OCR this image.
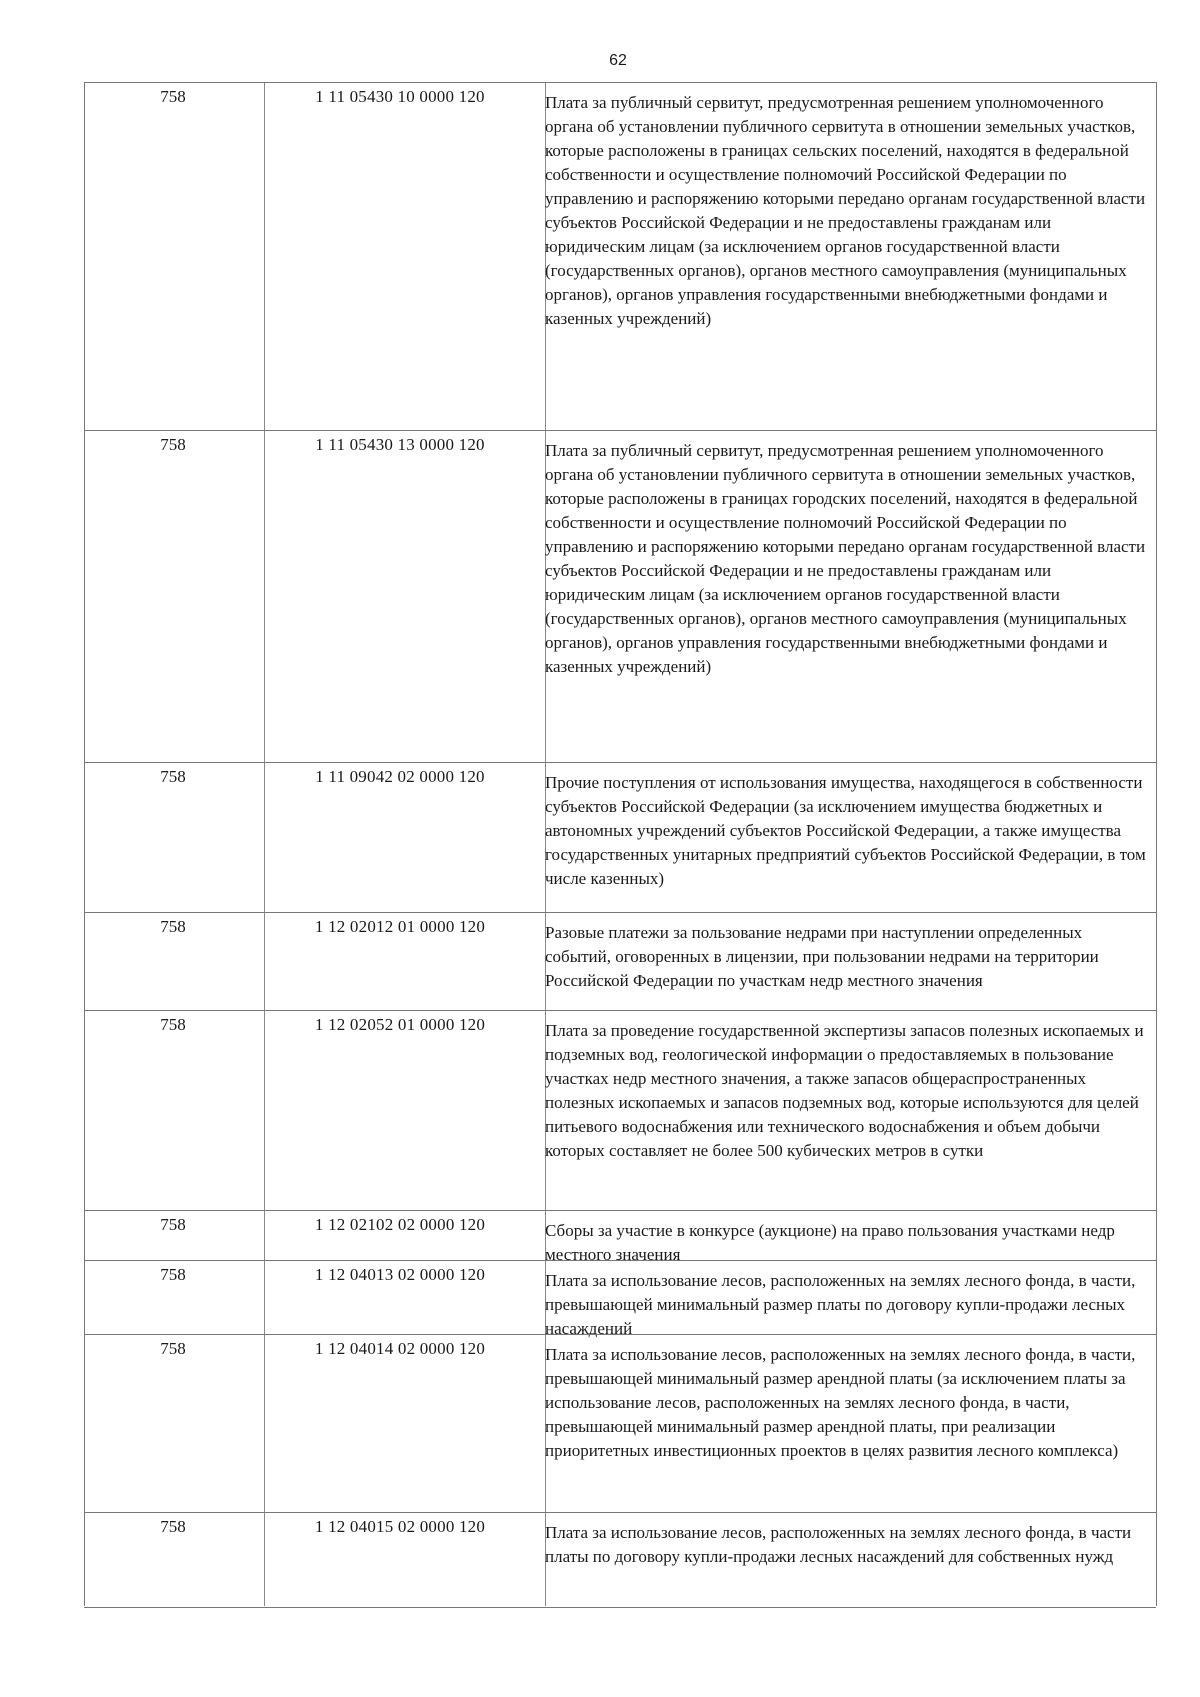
62
758	1 11 05430 10 0000 120	Плата за публичный сервитут, предусмотренная решением уполномоченного органа об установлении публичного сервитута в отношении земельных участков, которые расположены в границах сельских поселений, находятся в федеральной собственности и осуществление полномочий Российской Федерации по управлению и распоряжению которыми передано органам государственной власти субъектов Российской Федерации и не предоставлены гражданам или юридическим лицам (за исключением органов государственной власти (государственных органов), органов местного самоуправления (муниципальных органов), органов управления государственными внебюджетными фондами и казенных учреждений)
758	1 11 05430 13 0000 120	Плата за публичный сервитут, предусмотренная решением уполномоченного органа об установлении публичного сервитута в отношении земельных участков, которые расположены в границах городских поселений, находятся в федеральной собственности и осуществление полномочий Российской Федерации по управлению и распоряжению которыми передано органам государственной власти субъектов Российской Федерации и не предоставлены гражданам или юридическим лицам (за исключением органов государственной власти (государственных органов), органов местного самоуправления (муниципальных органов), органов управления государственными внебюджетными фондами и казенных учреждений)
758	1 11 09042 02 0000 120	Прочие поступления от использования имущества, находящегося в собственности субъектов Российской Федерации (за исключением имущества бюджетных и автономных учреждений субъектов Российской Федерации, а также имущества государственных унитарных предприятий субъектов Российской Федерации, в том числе казенных)
758	1 12 02012 01 0000 120	Разовые платежи за пользование недрами при наступлении определенных событий, оговоренных в лицензии, при пользовании недрами на территории Российской Федерации по участкам недр местного значения
758	1 12 02052 01 0000 120	Плата за проведение государственной экспертизы запасов полезных ископаемых и подземных вод, геологической информации о предоставляемых в пользование участках недр местного значения, а также запасов общераспространенных полезных ископаемых и запасов подземных вод, которые используются для целей питьевого водоснабжения или технического водоснабжения и объем добычи которых составляет не более 500 кубических метров в сутки
758	1 12 02102 02 0000 120	Сборы за участие в конкурсе (аукционе) на право пользования участками недр местного значения
758	1 12 04013 02 0000 120	Плата за использование лесов, расположенных на землях лесного фонда, в части, превышающей минимальный размер платы по договору купли-продажи лесных насаждений
758	1 12 04014 02 0000 120	Плата за использование лесов, расположенных на землях лесного фонда, в части, превышающей минимальный размер арендной платы (за исключением платы за использование лесов, расположенных на землях лесного фонда, в части, превышающей минимальный размер арендной платы, при реализации приоритетных инвестиционных проектов в целях развития лесного комплекса)
758	1 12 04015 02 0000 120	Плата за использование лесов, расположенных на землях лесного фонда, в части платы по договору купли-продажи лесных насаждений для собственных нужд
